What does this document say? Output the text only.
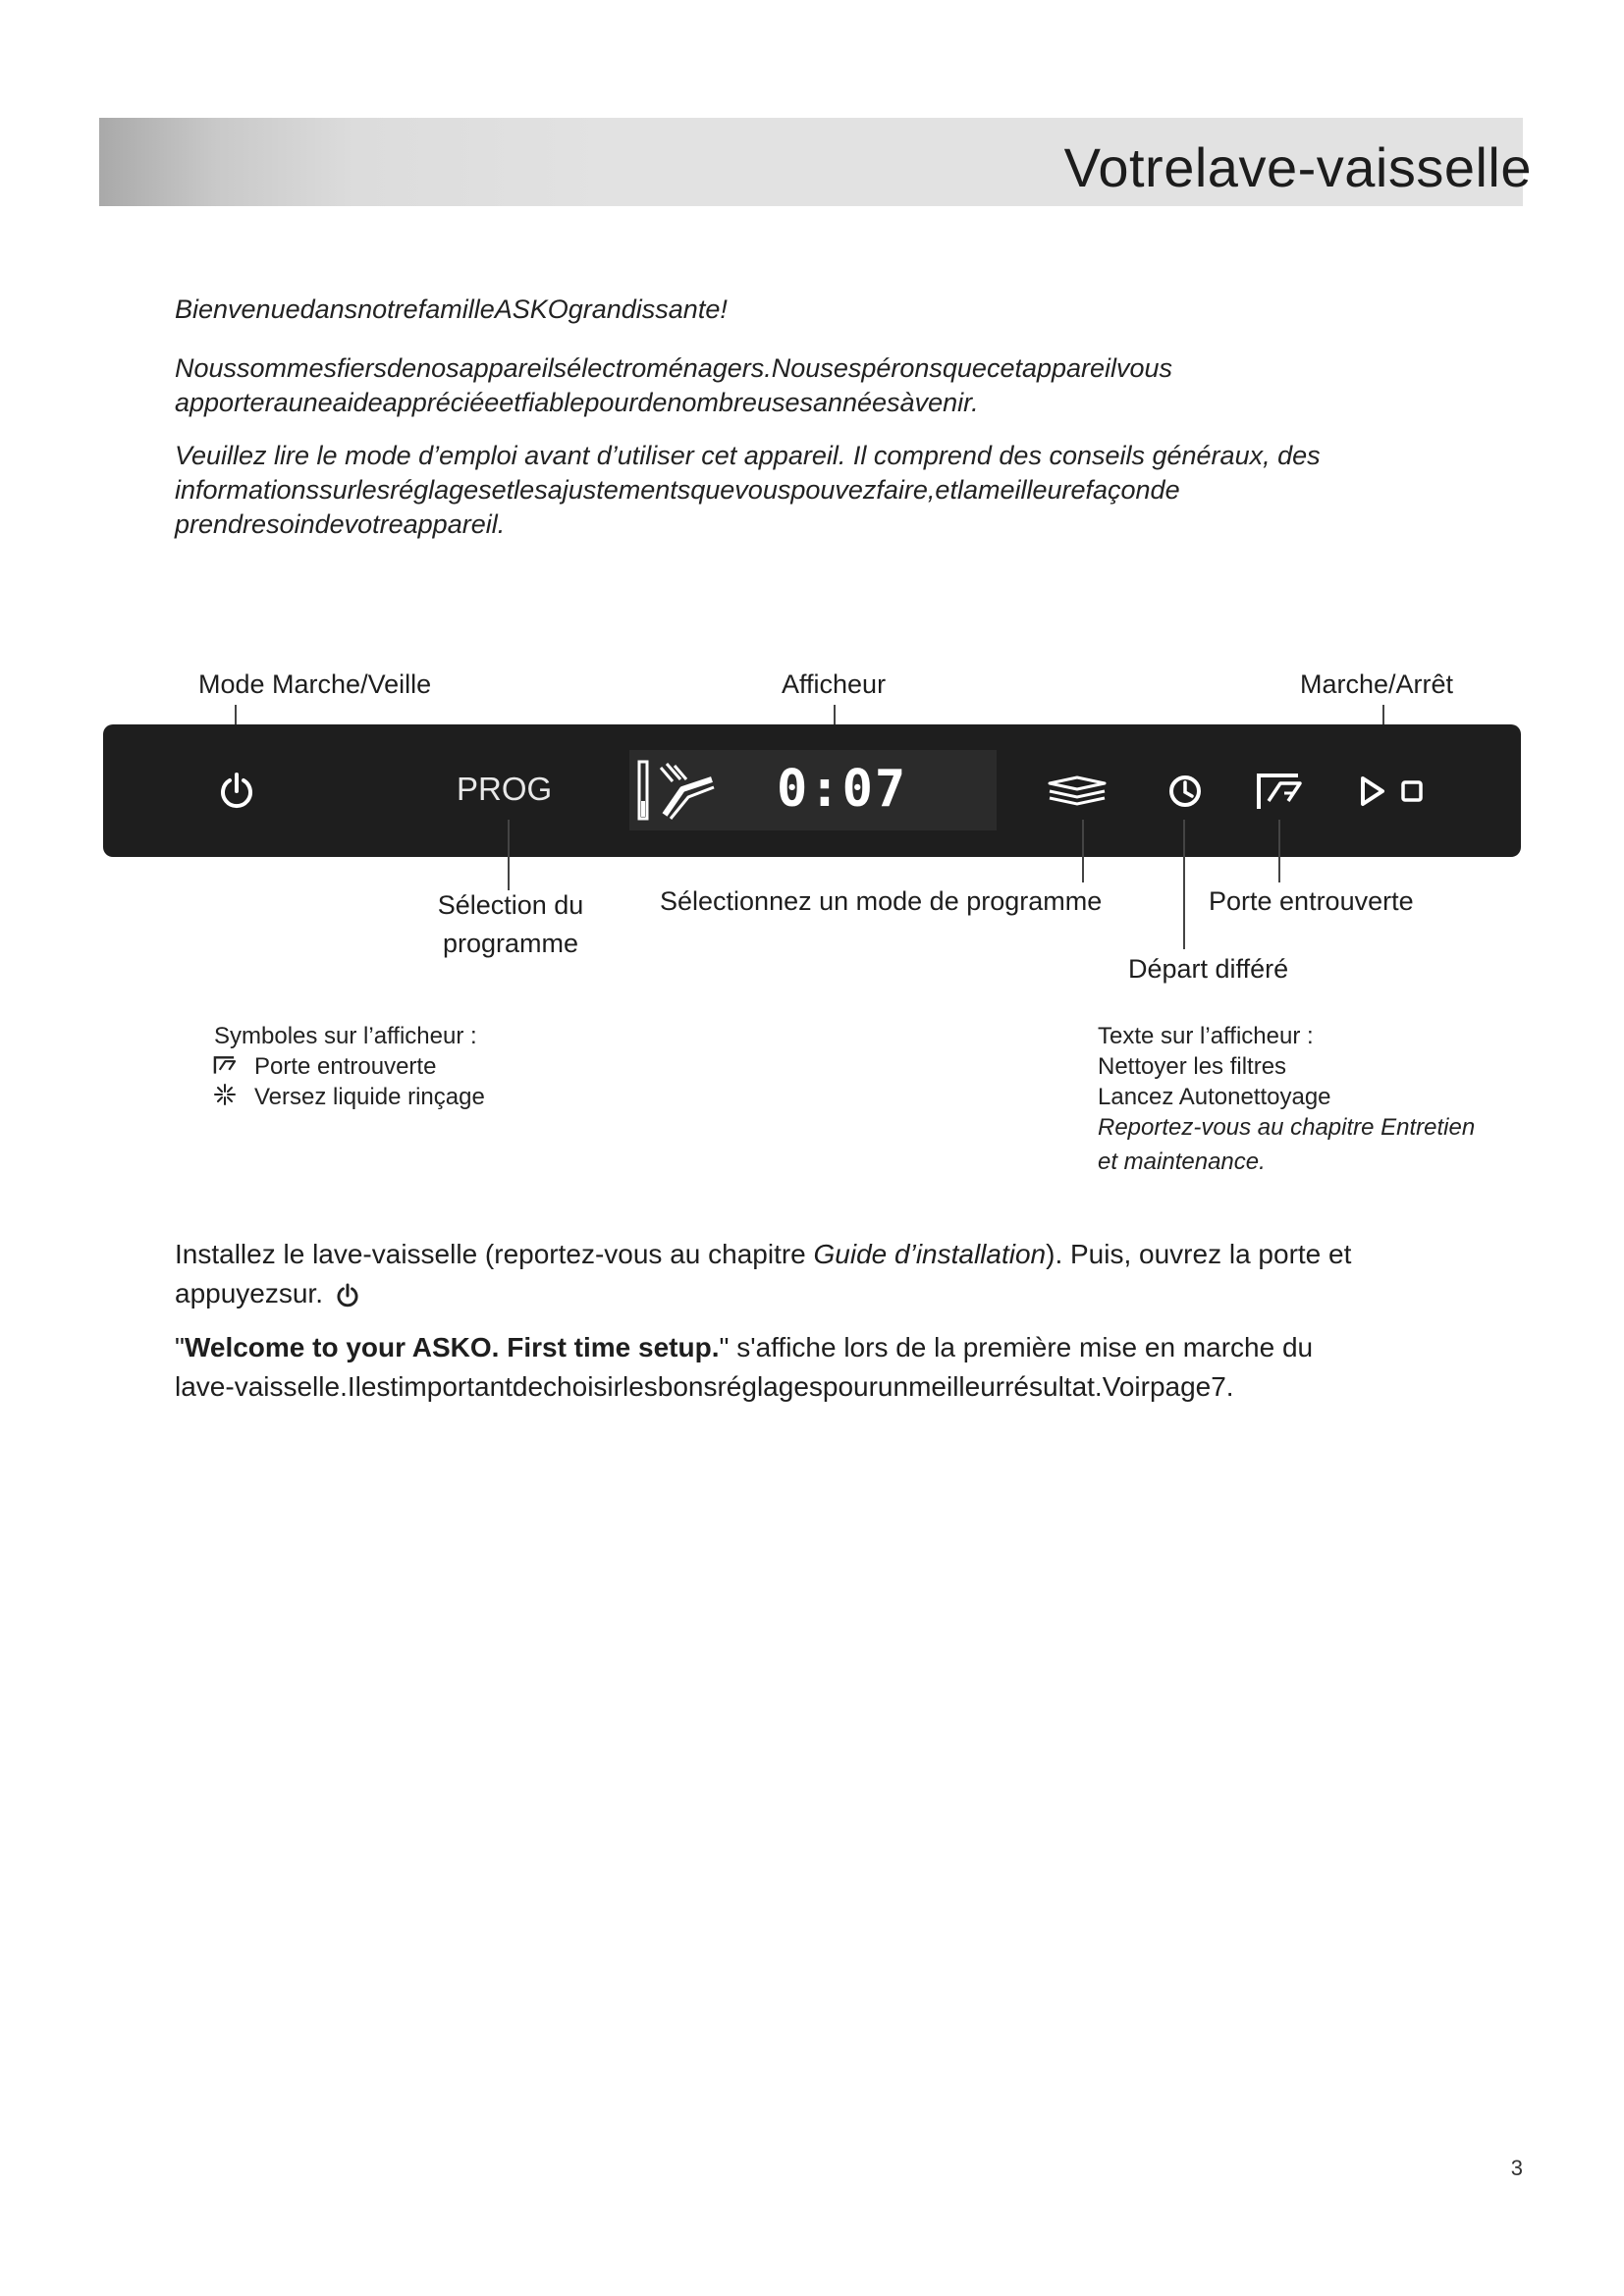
Votrelave-vaisselle

BienvenuedansnotrefamilleASKOgrandissante!

Noussommesfiersdenosappareilsélectroménagers.Nousespéronsquecetappareilvous

apporterauneaideappréciéeetfiablepourdenombreusesannéesàvenir.

Veuillez lire le mode d’emploi avant d’utiliser cet appareil. Il comprend des conseils généraux, des

informationssurlesréglagesetlesajustementsquevouspouvezfaire,etlameilleurefaçonde

prendresoindevotreappareil.

Mode Marche/Veille	Afficheur	Marche/Arrêt
PROG	0:07
Sélection du
programme
Sélectionnez un mode de programme	Porte entrouverte
Départ différé
Symboles sur l’afficheur :
Porte entrouverte
Versez liquide rinçage
Texte sur l’afficheur :
Nettoyer les filtres
Lancez Autonettoyage
Reportez-vous au chapitre Entretien
et maintenance.

Installez le lave-vaisselle (reportez-vous au chapitre Guide d’installation). Puis, ouvrez la porte et

appuyezsur.

"Welcome to your ASKO. First time setup." s'affiche lors de la première mise en marche du

lave-vaisselle.Ilestimportantdechoisirlesbonsréglagespourunmeilleurrésultat.Voirpage7.

3
